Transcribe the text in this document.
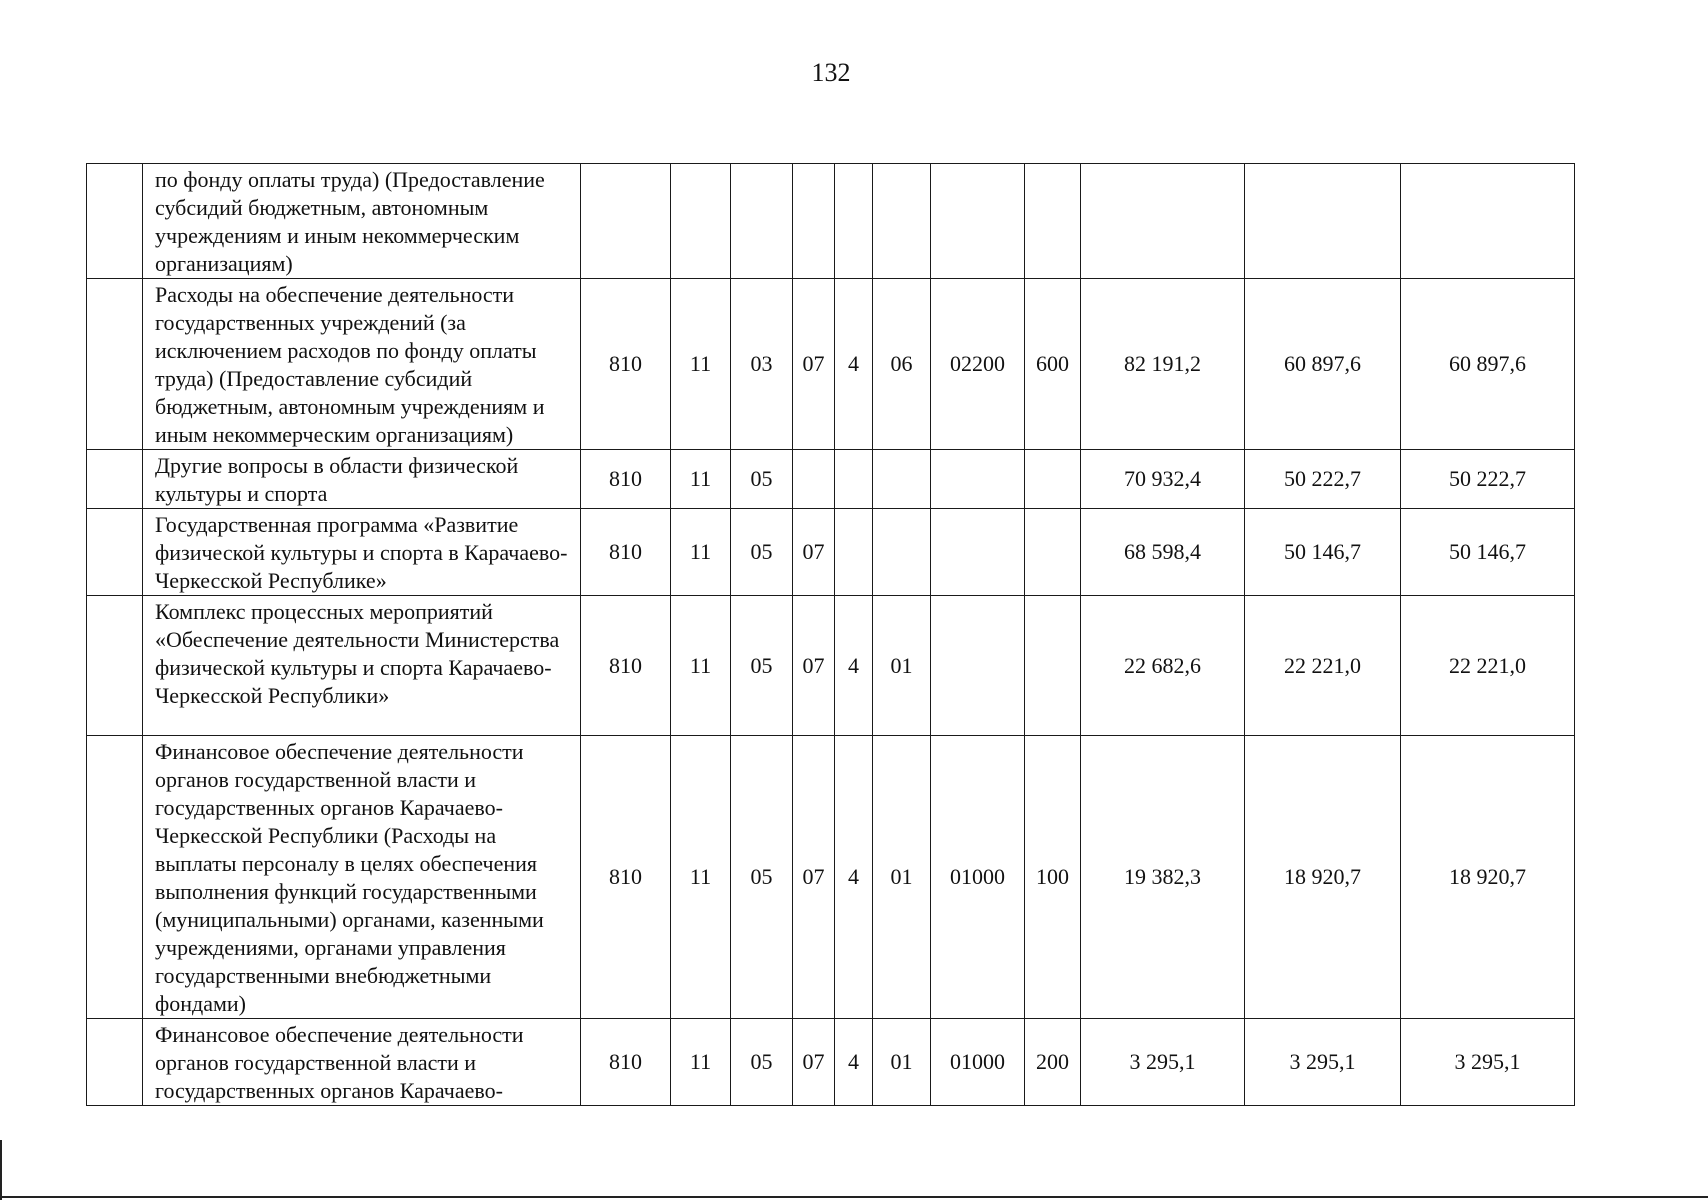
132
	по фонду оплаты труда) (Предоставление субсидий бюджетным, автономным учреждениям и иным некоммерческим организациям)											
	Расходы на обеспечение деятельности государственных учреждений (за исключением расходов по фонду оплаты труда) (Предоставление субсидий бюджетным, автономным учреждениям и иным некоммерческим организациям)	810	11	03	07	4	06	02200	600	82 191,2	60 897,6	60 897,6
	Другие вопросы в области физической культуры и спорта	810	11	05						70 932,4	50 222,7	50 222,7
	Государственная программа «Развитие физической культуры и спорта в Карачаево-Черкесской Республике»	810	11	05	07					68 598,4	50 146,7	50 146,7
	Комплекс процессных мероприятий «Обеспечение деятельности Министерства физической культуры и спорта Карачаево-Черкесской Республики»	810	11	05	07	4	01			22 682,6	22 221,0	22 221,0
	Финансовое обеспечение деятельности органов государственной власти и государственных органов Карачаево-Черкесской Республики (Расходы на выплаты персоналу в целях обеспечения выполнения функций государственными (муниципальными) органами, казенными учреждениями, органами управления государственными внебюджетными фондами)	810	11	05	07	4	01	01000	100	19 382,3	18 920,7	18 920,7
	Финансовое обеспечение деятельности органов государственной власти и государственных органов Карачаево-	810	11	05	07	4	01	01000	200	3 295,1	3 295,1	3 295,1
